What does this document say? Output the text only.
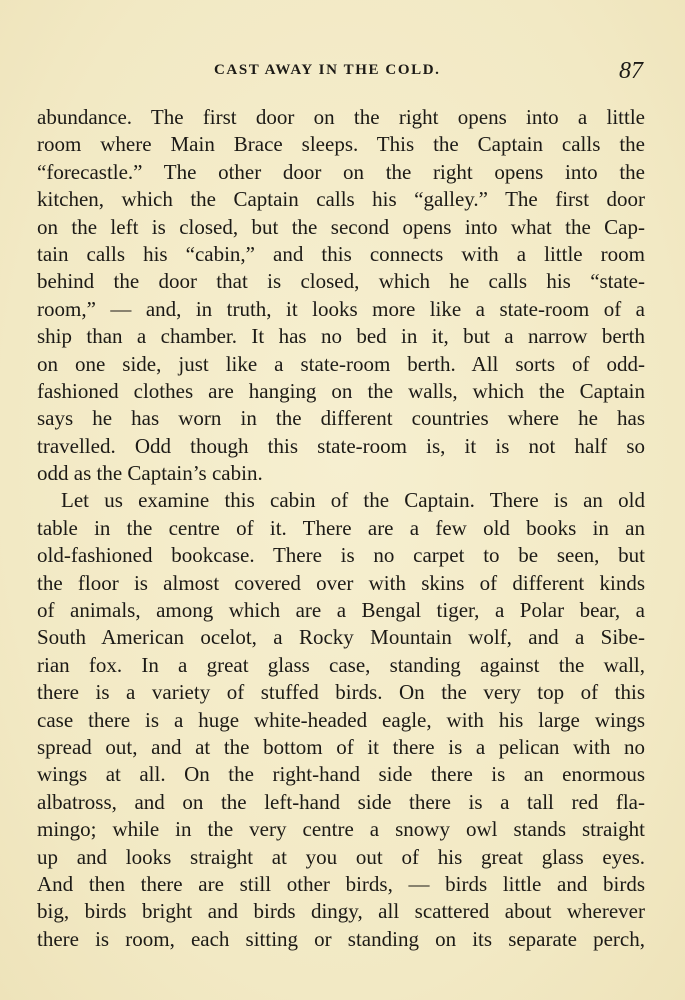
CAST AWAY IN THE COLD.	87
abundance. The first door on the right opens into a little
room where Main Brace sleeps. This the Captain calls the
“forecastle.” The other door on the right opens into the
kitchen, which the Captain calls his “galley.” The first door
on the left is closed, but the second opens into what the Cap-
tain calls his “cabin,” and this connects with a little room
behind the door that is closed, which he calls his “state-
room,” — and, in truth, it looks more like a state-room of a
ship than a chamber. It has no bed in it, but a narrow berth
on one side, just like a state-room berth. All sorts of odd-
fashioned clothes are hanging on the walls, which the Captain
says he has worn in the different countries where he has
travelled. Odd though this state-room is, it is not half so
odd as the Captain’s cabin.
Let us examine this cabin of the Captain. There is an old
table in the centre of it. There are a few old books in an
old-fashioned bookcase. There is no carpet to be seen, but
the floor is almost covered over with skins of different kinds
of animals, among which are a Bengal tiger, a Polar bear, a
South American ocelot, a Rocky Mountain wolf, and a Sibe-
rian fox. In a great glass case, standing against the wall,
there is a variety of stuffed birds. On the very top of this
case there is a huge white-headed eagle, with his large wings
spread out, and at the bottom of it there is a pelican with no
wings at all. On the right-hand side there is an enormous
albatross, and on the left-hand side there is a tall red fla-
mingo; while in the very centre a snowy owl stands straight
up and looks straight at you out of his great glass eyes.
And then there are still other birds, — birds little and birds
big, birds bright and birds dingy, all scattered about wherever
there is room, each sitting or standing on its separate perch,
